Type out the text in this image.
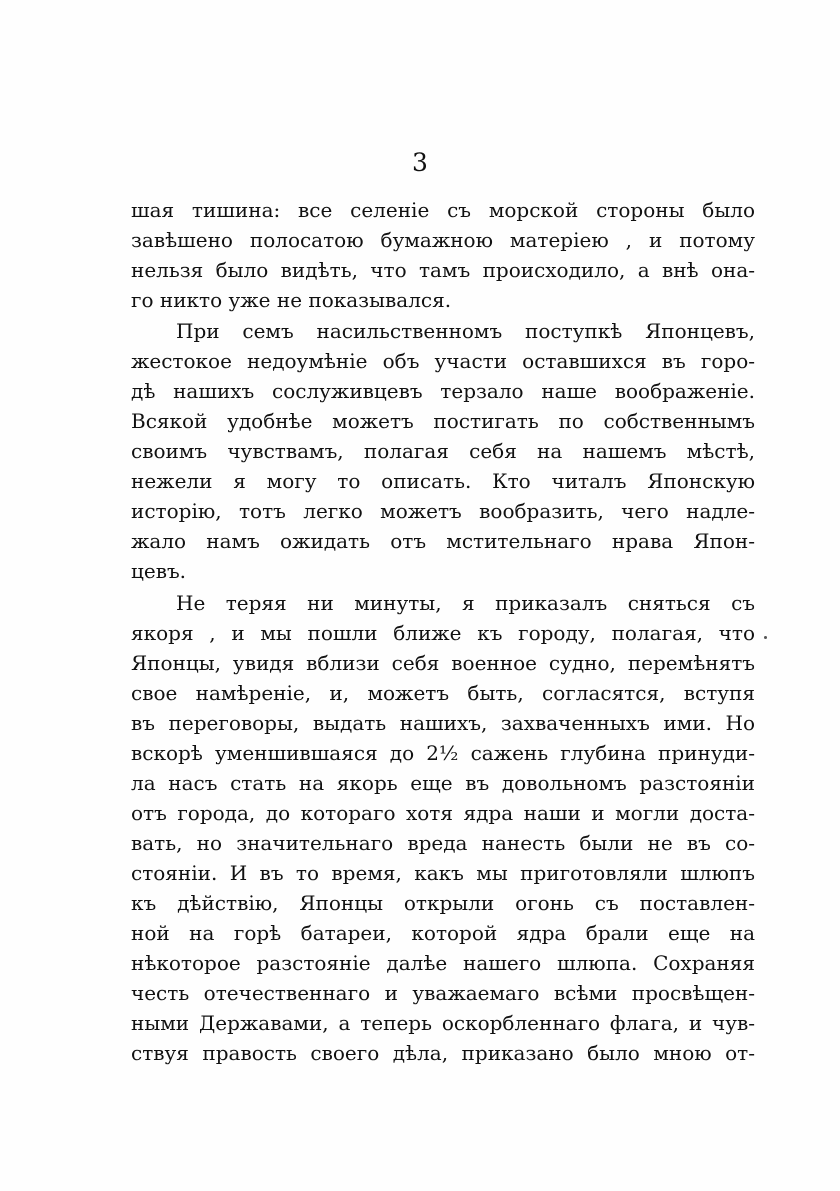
3
шая тишина: все селенiе съ морской стороны было
завѣшено полосатою бумажною матерiею , и потому
нельзя было видѣть, что тамъ происходило, а внѣ она-
го никто уже не показывался.
При семъ насильственномъ поступкѣ Японцевъ,
жестокое недоумѣнiе объ участи оставшихся въ горо-
дѣ нашихъ сослуживцевъ терзало наше воображенiе.
Всякой удобнѣе можетъ постигать по собственнымъ
своимъ чувствамъ, полагая себя на нашемъ мѣстѣ,
нежели я могу то описать. Кто читалъ Японскую
исторiю, тотъ легко можетъ вообразить, чего надле-
жало намъ ожидать отъ мстительнаго нрава Япон-
цевъ.
Не теряя ни минуты, я приказалъ сняться съ
якоря , и мы пошли ближе къ городу, полагая, что
Японцы, увидя вблизи себя военное судно, перемѣнятъ
свое намѣренiе, и, можетъ быть, согласятся, вступя
въ переговоры, выдать нашихъ, захваченныхъ ими. Но
вскорѣ уменшившаяся до 2½ сажень глубина принуди-
ла насъ стать на якорь еще въ довольномъ разстоянiи
отъ города, до котораго хотя ядра наши и могли доста-
вать, но значительнаго вреда нанесть были не въ со-
стоянiи. И въ то время, какъ мы приготовляли шлюпъ
къ дѣйствiю, Японцы открыли огонь съ поставлен-
ной на горѣ батареи, которой ядра брали еще на
нѣкоторое разстоянiе далѣе нашего шлюпа. Сохраняя
честь отечественнаго и уважаемаго всѣми просвѣщен-
ными Державами, а теперь оскорбленнаго флага, и чув-
ствуя правость своего дѣла, приказано было мною от-
